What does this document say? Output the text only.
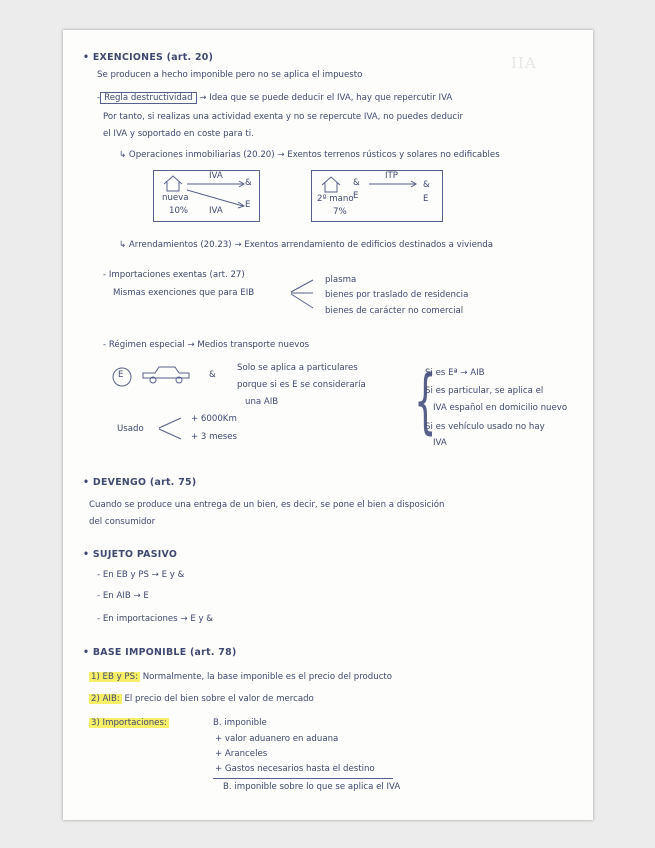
IIA
• EXENCIONES (art. 20)
Se producen a hecho imponible pero no se aplica el impuesto
- Regla destructividad → Idea que se puede deducir el IVA, hay que repercutir IVA
Por tanto, si realizas una actividad exenta y no se repercute IVA, no puedes deducir
el IVA y soportado en coste para ti.
↳ Operaciones inmobiliarias (20.20) → Exentos terrenos rústicos y solares no edificables
nueva
10%
IVA
&
E
IVA
2º mano
7%
&
E
ITP
&
E
↳ Arrendamientos (20.23) → Exentos arrendamiento de edificios destinados a vivienda
- Importaciones exentas (art. 27)
Mismas exenciones que para EIB
plasma
bienes por traslado de residencia
bienes de carácter no comercial
- Régimen especial → Medios transporte nuevos
E	&
Solo se aplica a particulares
porque si es E se consideraría
una AIB {
Si es Eª → AIB
Si es particular, se aplica el
IVA español en domicilio nuevo
Si es vehículo usado no hay
IVA
Usado
+ 6000Km
+ 3 meses
• DEVENGO (art. 75)
Cuando se produce una entrega de un bien, es decir, se pone el bien a disposición
del consumidor
• SUJETO PASIVO
- En EB y PS → E y &
- En AIB → E
- En importaciones → E y &
• BASE IMPONIBLE (art. 78)
1) EB y PS: Normalmente, la base imponible es el precio del producto
2) AIB: El precio del bien sobre el valor de mercado
3) Importaciones:	B. imponible
+ valor aduanero en aduana
+ Aranceles
+ Gastos necesarios hasta el destino
B. imponible sobre lo que se aplica el IVA
